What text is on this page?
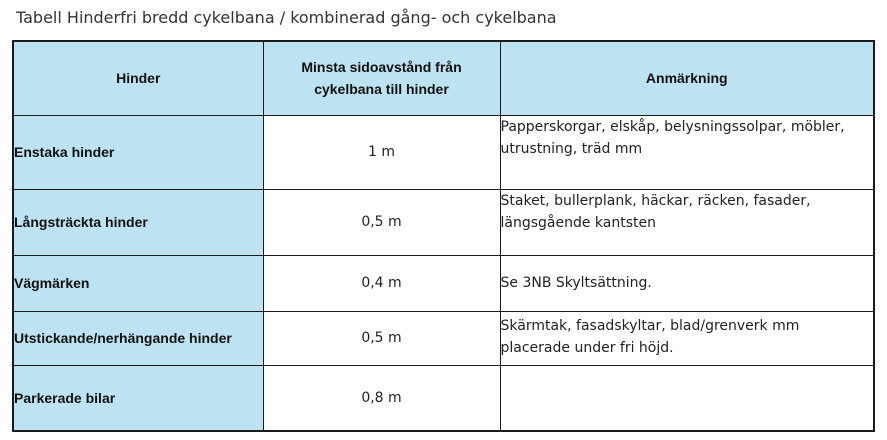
Tabell Hinderfri bredd cykelbana / kombinerad gång- och cykelbana
Hinder	Minsta sidoavstånd från cykelbana till hinder	Anmärkning

Enstaka hinder	1 m	Papperskorgar, elskåp, belysningssolpar, möbler, utrustning, träd mm
Långsträckta hinder	0,5 m	Staket, bullerplank, häckar, räcken, fasader, längsgående kantsten
Vägmärken	0,4 m	Se 3NB Skyltsättning.
Utstickande/nerhängande hinder	0,5 m	Skärmtak, fasadskyltar, blad/grenverk mm placerade under fri höjd.
Parkerade bilar	0,8 m	
